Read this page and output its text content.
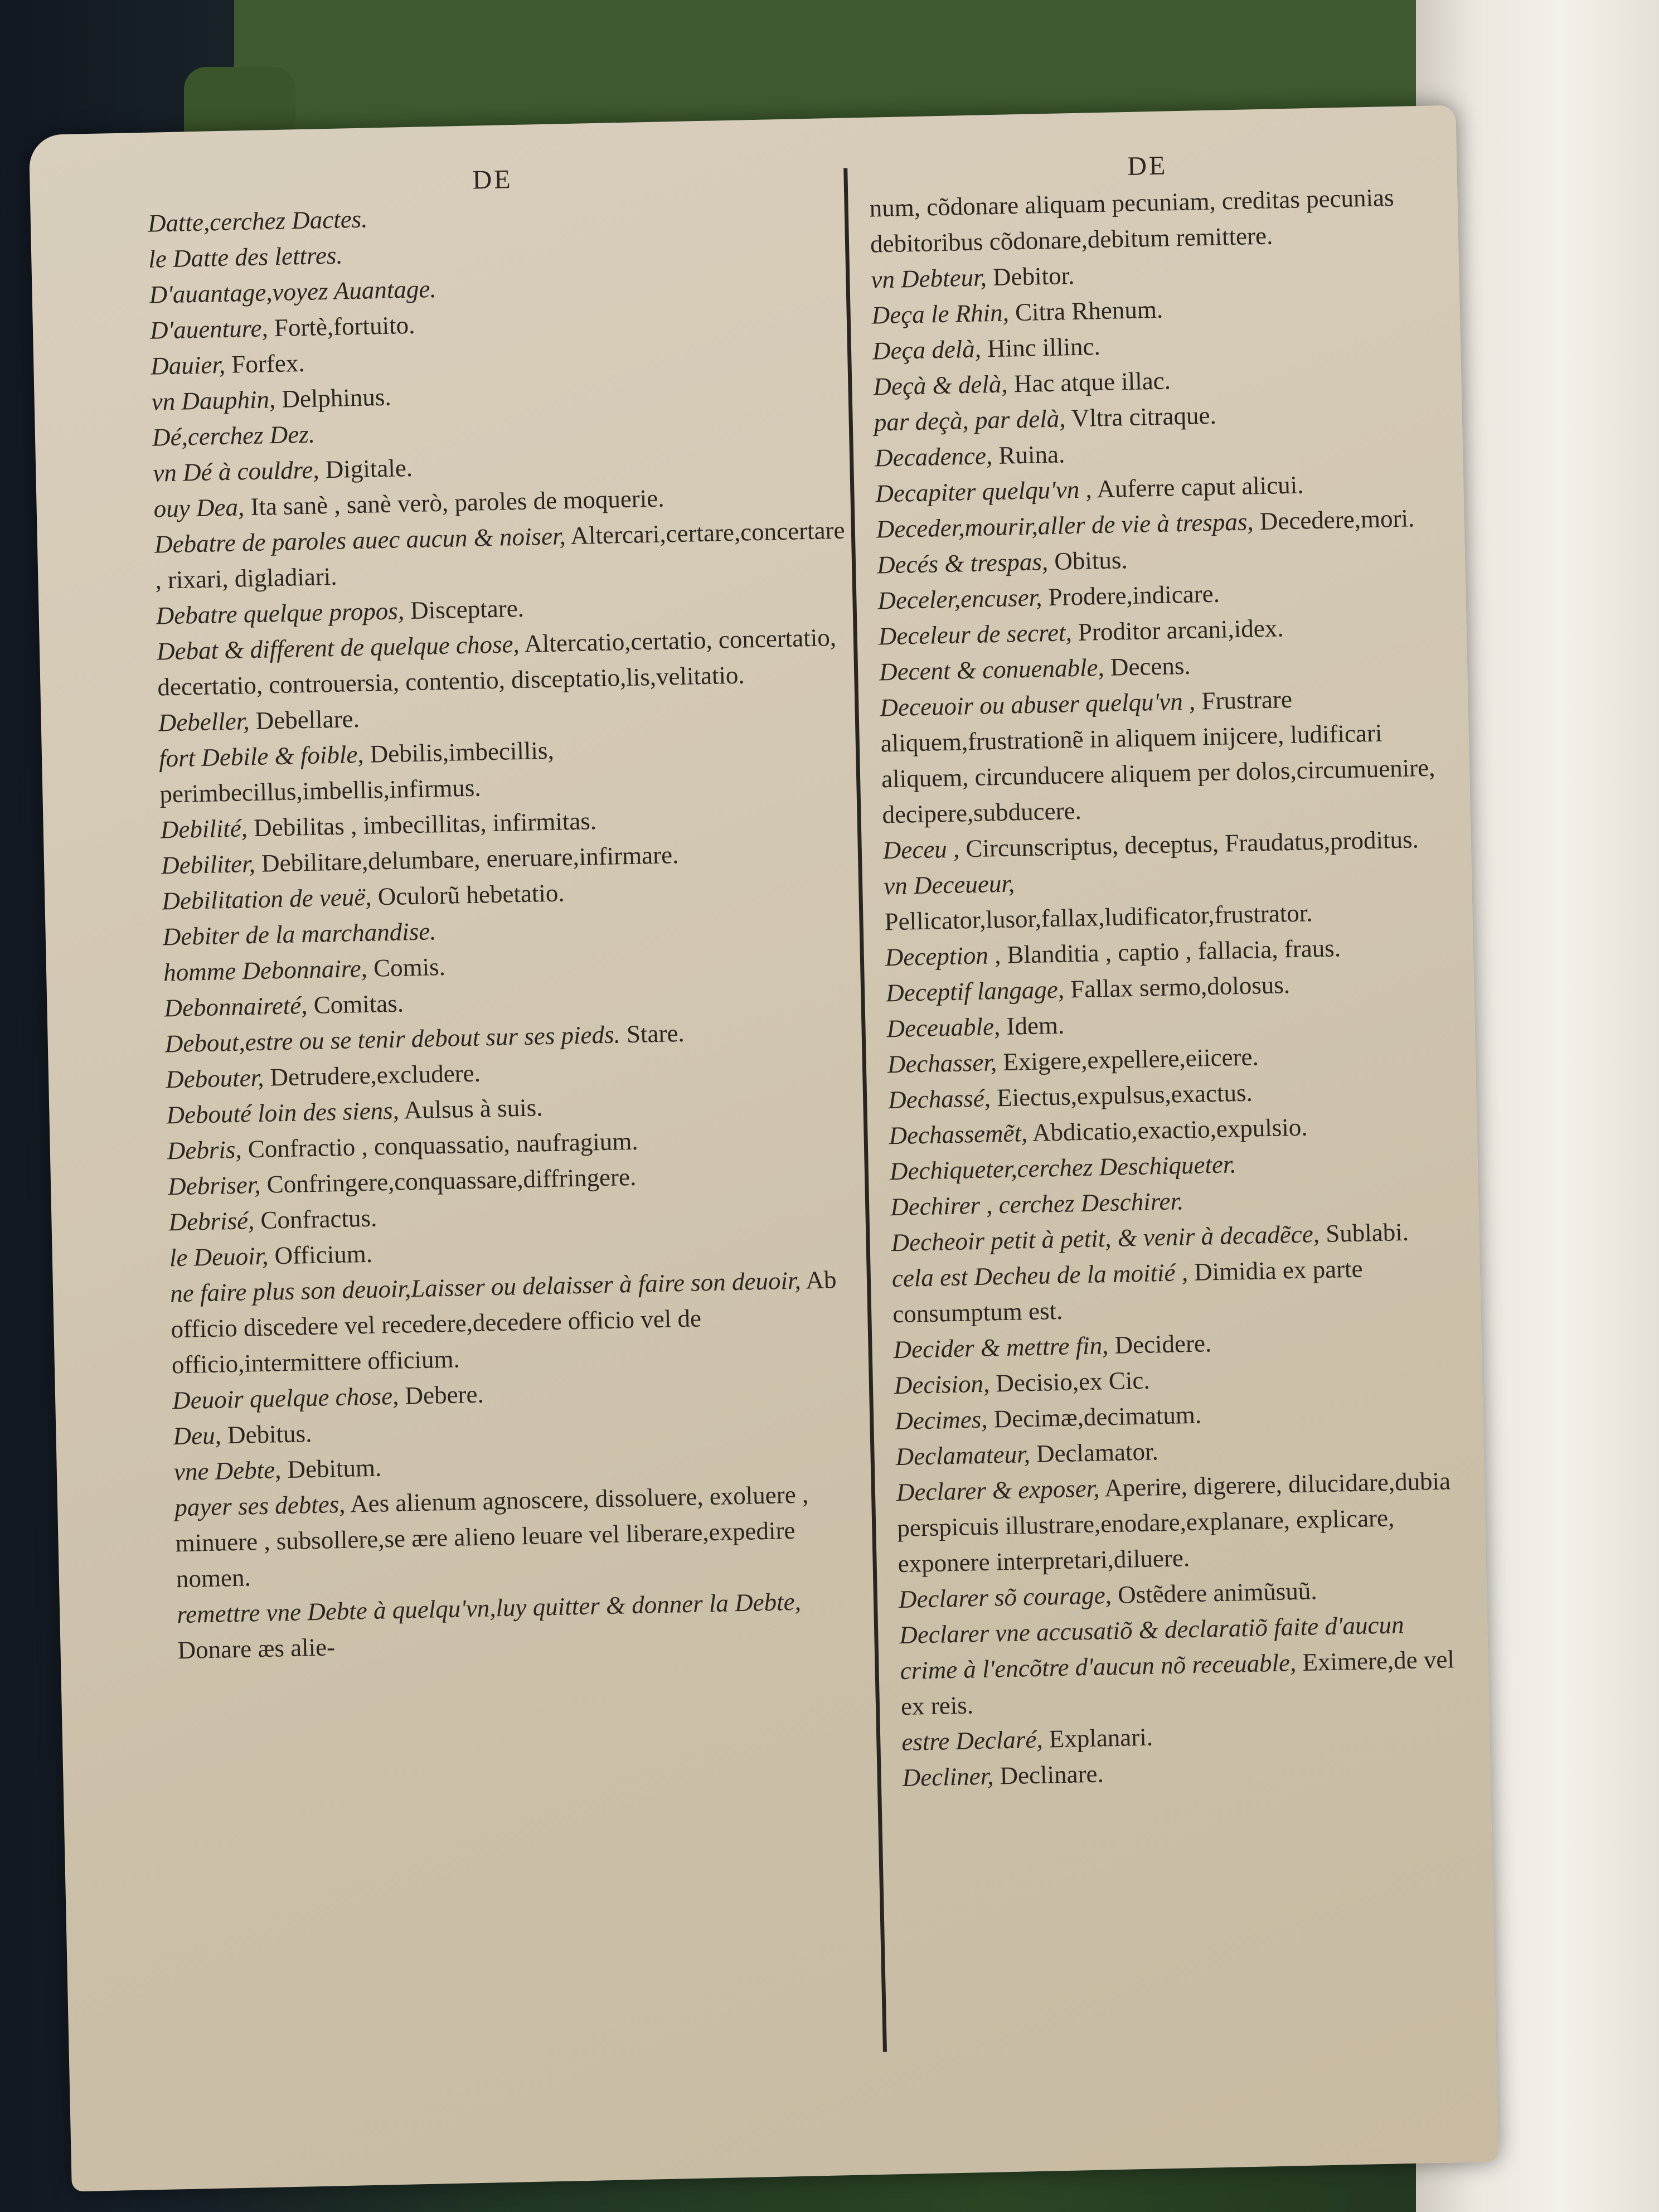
DE
Datte,cerchez Dactes.
le Datte des lettres.
D'auantage,voyez Auantage.
D'auenture, Fortè,fortuito.
Dauier, Forfex.
vn Dauphin, Delphinus.
Dé,cerchez Dez.
vn Dé à couldre, Digitale.
ouy Dea, Ita sanè , sanè verò, paroles de moquerie.
Debatre de paroles auec aucun & noiser, Altercari,certare,concertare , rixari, digladiari.
Debatre quelque propos, Disceptare.
Debat & different de quelque chose, Altercatio,certatio, concertatio, decertatio, controuersia, contentio, disceptatio,lis,velitatio.
Debeller, Debellare.
fort Debile & foible, Debilis,imbecillis, perimbecillus,imbellis,infirmus.
Debilité, Debilitas , imbecillitas, infirmitas.
Debiliter, Debilitare,delumbare, eneruare,infirmare.
Debilitation de veuë, Oculorũ hebetatio.
Debiter de la marchandise.
homme Debonnaire, Comis.
Debonnaireté, Comitas.
Debout,estre ou se tenir debout sur ses pieds. Stare.
Debouter, Detrudere,excludere.
Debouté loin des siens, Aulsus à suis.
Debris, Confractio , conquassatio, naufragium.
Debriser, Confringere,conquassare,diffringere.
Debrisé, Confractus.
le Deuoir, Officium.
ne faire plus son deuoir,Laisser ou delaisser à faire son deuoir, Ab officio discedere vel recedere,decedere officio vel de officio,intermittere officium.
Deuoir quelque chose, Debere.
Deu, Debitus.
vne Debte, Debitum.
payer ses debtes, Aes alienum agnoscere, dissoluere, exoluere , minuere , subsollere,se ære alieno leuare vel liberare,expedire nomen.
remettre vne Debte à quelqu'vn,luy quitter & donner la Debte, Donare æs alie-
DE
num, cõdonare aliquam pecuniam, creditas pecunias debitoribus cõdonare,debitum remittere.
vn Debteur, Debitor.
Deça le Rhin, Citra Rhenum.
Deça delà, Hinc illinc.
Deçà & delà, Hac atque illac.
par deçà, par delà, Vltra citraque.
Decadence, Ruina.
Decapiter quelqu'vn , Auferre caput alicui.
Deceder,mourir,aller de vie à trespas, Decedere,mori.
Decés & trespas, Obitus.
Deceler,encuser, Prodere,indicare.
Deceleur de secret, Proditor arcani,idex.
Decent & conuenable, Decens.
Deceuoir ou abuser quelqu'vn , Frustrare aliquem,frustrationẽ in aliquem inijcere, ludificari aliquem, circunducere aliquem per dolos,circumuenire, decipere,subducere.
Deceu , Circunscriptus, deceptus, Fraudatus,proditus.
vn Deceueur, Pellicator,lusor,fallax,ludificator,frustrator.
Deception , Blanditia , captio , fallacia, fraus.
Deceptif langage, Fallax sermo,dolosus.
Deceuable, Idem.
Dechasser, Exigere,expellere,eiicere.
Dechassé, Eiectus,expulsus,exactus.
Dechassemẽt, Abdicatio,exactio,expulsio.
Dechiqueter,cerchez Deschiqueter.
Dechirer , cerchez Deschirer.
Decheoir petit à petit, & venir à decadẽce, Sublabi.
cela est Decheu de la moitié , Dimidia ex parte consumptum est.
Decider & mettre fin, Decidere.
Decision, Decisio,ex Cic.
Decimes, Decimæ,decimatum.
Declamateur, Declamator.
Declarer & exposer, Aperire, digerere, dilucidare,dubia perspicuis illustrare,enodare,explanare, explicare, exponere interpretari,diluere.
Declarer sõ courage, Ostẽdere animũsuũ.
Declarer vne accusatiõ & declaratiõ faite d'aucun crime à l'encõtre d'aucun nõ receuable, Eximere,de vel ex reis.
estre Declaré, Explanari.
Decliner, Declinare.
